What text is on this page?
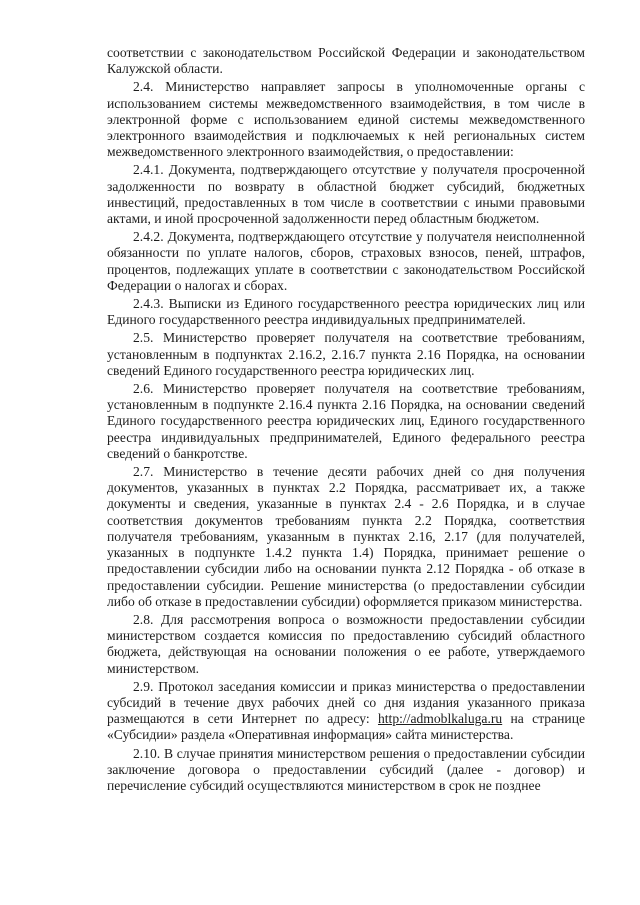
соответствии с законодательством Российской Федерации и законодательством Калужской области.

2.4. Министерство направляет запросы в уполномоченные органы с использованием системы межведомственного взаимодействия, в том числе в электронной форме с использованием единой системы межведомственного электронного взаимодействия и подключаемых к ней региональных систем межведомственного электронного взаимодействия, о предоставлении:

2.4.1. Документа, подтверждающего отсутствие у получателя просроченной задолженности по возврату в областной бюджет субсидий, бюджетных инвестиций, предоставленных в том числе в соответствии с иными правовыми актами, и иной просроченной задолженности перед областным бюджетом.

2.4.2. Документа, подтверждающего отсутствие у получателя неисполненной обязанности по уплате налогов, сборов, страховых взносов, пеней, штрафов, процентов, подлежащих уплате в соответствии с законодательством Российской Федерации о налогах и сборах.

2.4.3. Выписки из Единого государственного реестра юридических лиц или Единого государственного реестра индивидуальных предпринимателей.

2.5. Министерство проверяет получателя на соответствие требованиям, установленным в подпунктах 2.16.2, 2.16.7 пункта 2.16 Порядка, на основании сведений Единого государственного реестра юридических лиц.

2.6. Министерство проверяет получателя на соответствие требованиям, установленным в подпункте 2.16.4 пункта 2.16 Порядка, на основании сведений Единого государственного реестра юридических лиц, Единого государственного реестра индивидуальных предпринимателей, Единого федерального реестра сведений о банкротстве.

2.7. Министерство в течение десяти рабочих дней со дня получения документов, указанных в пунктах 2.2 Порядка, рассматривает их, а также документы и сведения, указанные в пунктах 2.4 - 2.6 Порядка, и в случае соответствия документов требованиям пункта 2.2 Порядка, соответствия получателя требованиям, указанным в пунктах 2.16, 2.17 (для получателей, указанных в подпункте 1.4.2 пункта 1.4) Порядка, принимает решение о предоставлении субсидии либо на основании пункта 2.12 Порядка - об отказе в предоставлении субсидии. Решение министерства (о предоставлении субсидии либо об отказе в предоставлении субсидии) оформляется приказом министерства.

2.8. Для рассмотрения вопроса о возможности предоставлении субсидии министерством создается комиссия по предоставлению субсидий областного бюджета, действующая на основании положения о ее работе, утверждаемого министерством.

2.9. Протокол заседания комиссии и приказ министерства о предоставлении субсидий в течение двух рабочих дней со дня издания указанного приказа размещаются в сети Интернет по адресу: http://admoblkaluga.ru на странице «Субсидии» раздела «Оперативная информация» сайта министерства.

2.10. В случае принятия министерством решения о предоставлении субсидии заключение договора о предоставлении субсидий (далее - договор) и перечисление субсидий осуществляются министерством в срок не позднее
